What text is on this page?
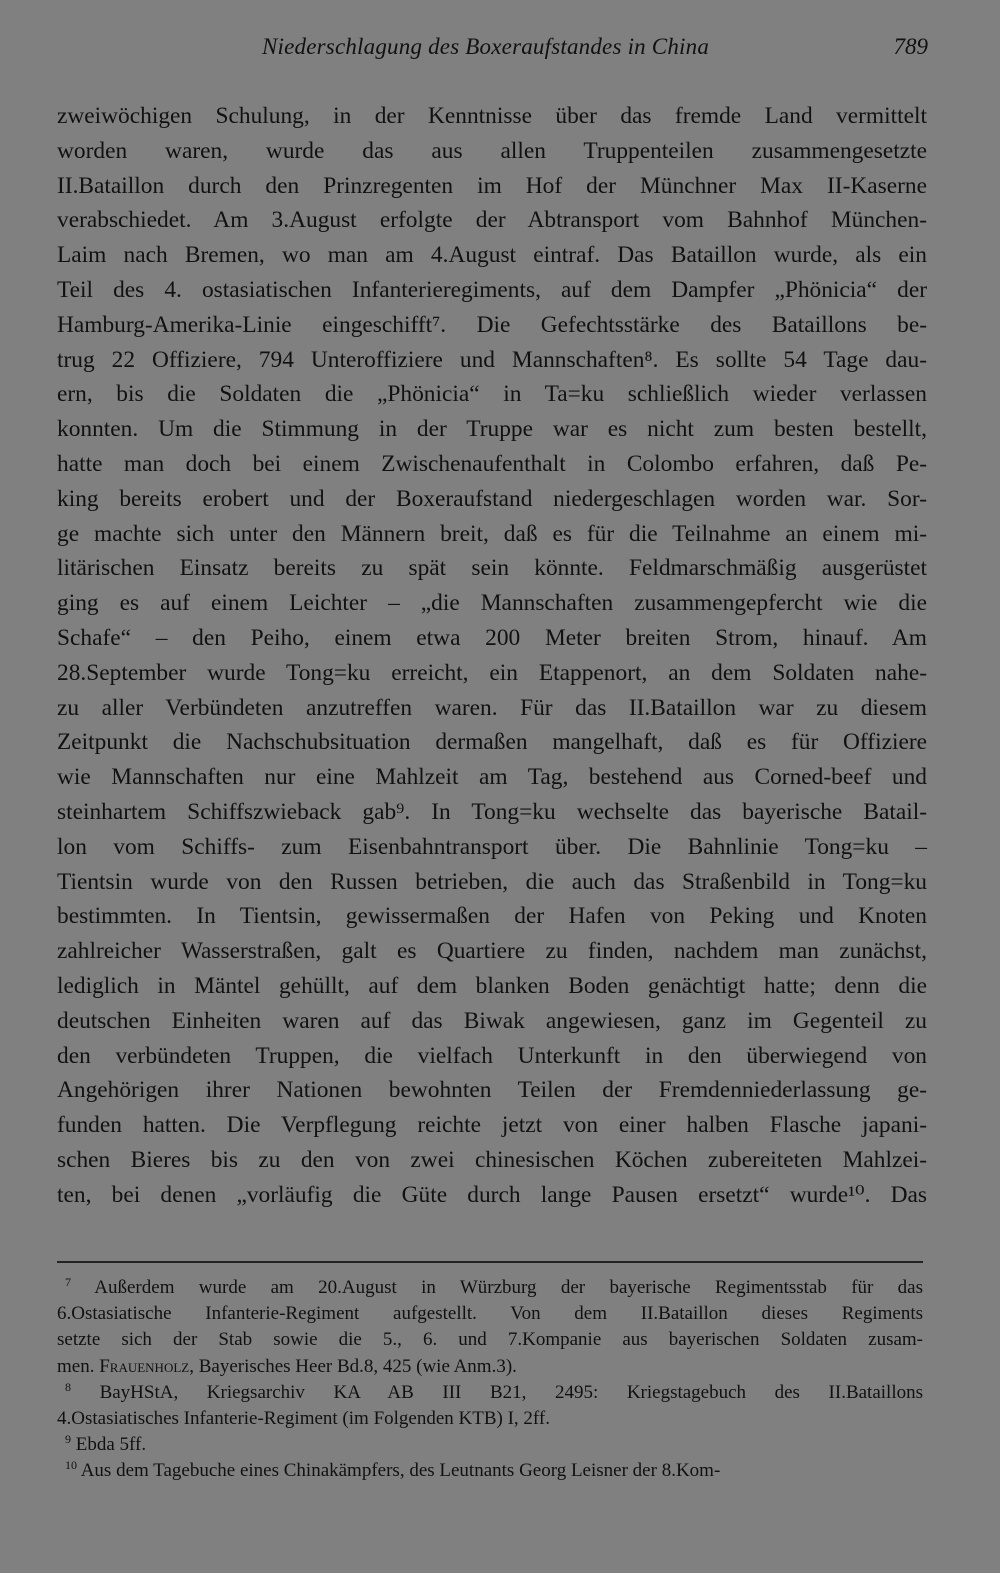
Niederschlagung des Boxeraufstandes in China	789
zweiwöchigen Schulung, in der Kenntnisse über das fremde Land vermittelt
worden waren, wurde das aus allen Truppenteilen zusammengesetzte
II.Bataillon durch den Prinzregenten im Hof der Münchner Max II-Kaserne
verabschiedet. Am 3.August erfolgte der Abtransport vom Bahnhof München-
Laim nach Bremen, wo man am 4.August eintraf. Das Bataillon wurde, als ein
Teil des 4. ostasiatischen Infanterieregiments, auf dem Dampfer „Phönicia“ der
Hamburg-Amerika-Linie eingeschifft⁷. Die Gefechtsstärke des Bataillons be-
trug 22 Offiziere, 794 Unteroffiziere und Mannschaften⁸. Es sollte 54 Tage dau-
ern, bis die Soldaten die „Phönicia“ in Ta=ku schließlich wieder verlassen
konnten. Um die Stimmung in der Truppe war es nicht zum besten bestellt,
hatte man doch bei einem Zwischenaufenthalt in Colombo erfahren, daß Pe-
king bereits erobert und der Boxeraufstand niedergeschlagen worden war. Sor-
ge machte sich unter den Männern breit, daß es für die Teilnahme an einem mi-
litärischen Einsatz bereits zu spät sein könnte. Feldmarschmäßig ausgerüstet
ging es auf einem Leichter – „die Mannschaften zusammengepfercht wie die
Schafe“ – den Peiho, einem etwa 200 Meter breiten Strom, hinauf. Am
28.September wurde Tong=ku erreicht, ein Etappenort, an dem Soldaten nahe-
zu aller Verbündeten anzutreffen waren. Für das II.Bataillon war zu diesem
Zeitpunkt die Nachschubsituation dermaßen mangelhaft, daß es für Offiziere
wie Mannschaften nur eine Mahlzeit am Tag, bestehend aus Corned-beef und
steinhartem Schiffszwieback gab⁹. In Tong=ku wechselte das bayerische Batail-
lon vom Schiffs- zum Eisenbahntransport über. Die Bahnlinie Tong=ku –
Tientsin wurde von den Russen betrieben, die auch das Straßenbild in Tong=ku
bestimmten. In Tientsin, gewissermaßen der Hafen von Peking und Knoten
zahlreicher Wasserstraßen, galt es Quartiere zu finden, nachdem man zunächst,
lediglich in Mäntel gehüllt, auf dem blanken Boden genächtigt hatte; denn die
deutschen Einheiten waren auf das Biwak angewiesen, ganz im Gegenteil zu
den verbündeten Truppen, die vielfach Unterkunft in den überwiegend von
Angehörigen ihrer Nationen bewohnten Teilen der Fremdenniederlassung ge-
funden hatten. Die Verpflegung reichte jetzt von einer halben Flasche japani-
schen Bieres bis zu den von zwei chinesischen Köchen zubereiteten Mahlzei-
ten, bei denen „vorläufig die Güte durch lange Pausen ersetzt“ wurde¹⁰. Das
$^7$ Außerdem wurde am 20.August in Würzburg der bayerische Regimentsstab für das
6.Ostasiatische Infanterie-Regiment aufgestellt. Von dem II.Bataillon dieses Regiments
setzte sich der Stab sowie die 5., 6. und 7.Kompanie aus bayerischen Soldaten zusam-
men. Frauenholz, Bayerisches Heer Bd.8, 425 (wie Anm.3).
$^8$ BayHStA, Kriegsarchiv KA AB III B21, 2495: Kriegstagebuch des II.Bataillons
4.Ostasiatisches Infanterie-Regiment (im Folgenden KTB) I, 2ff.
$^9$ Ebda 5ff.
$^{10}$ Aus dem Tagebuche eines Chinakämpfers, des Leutnants Georg Leisner der 8.Kom-
